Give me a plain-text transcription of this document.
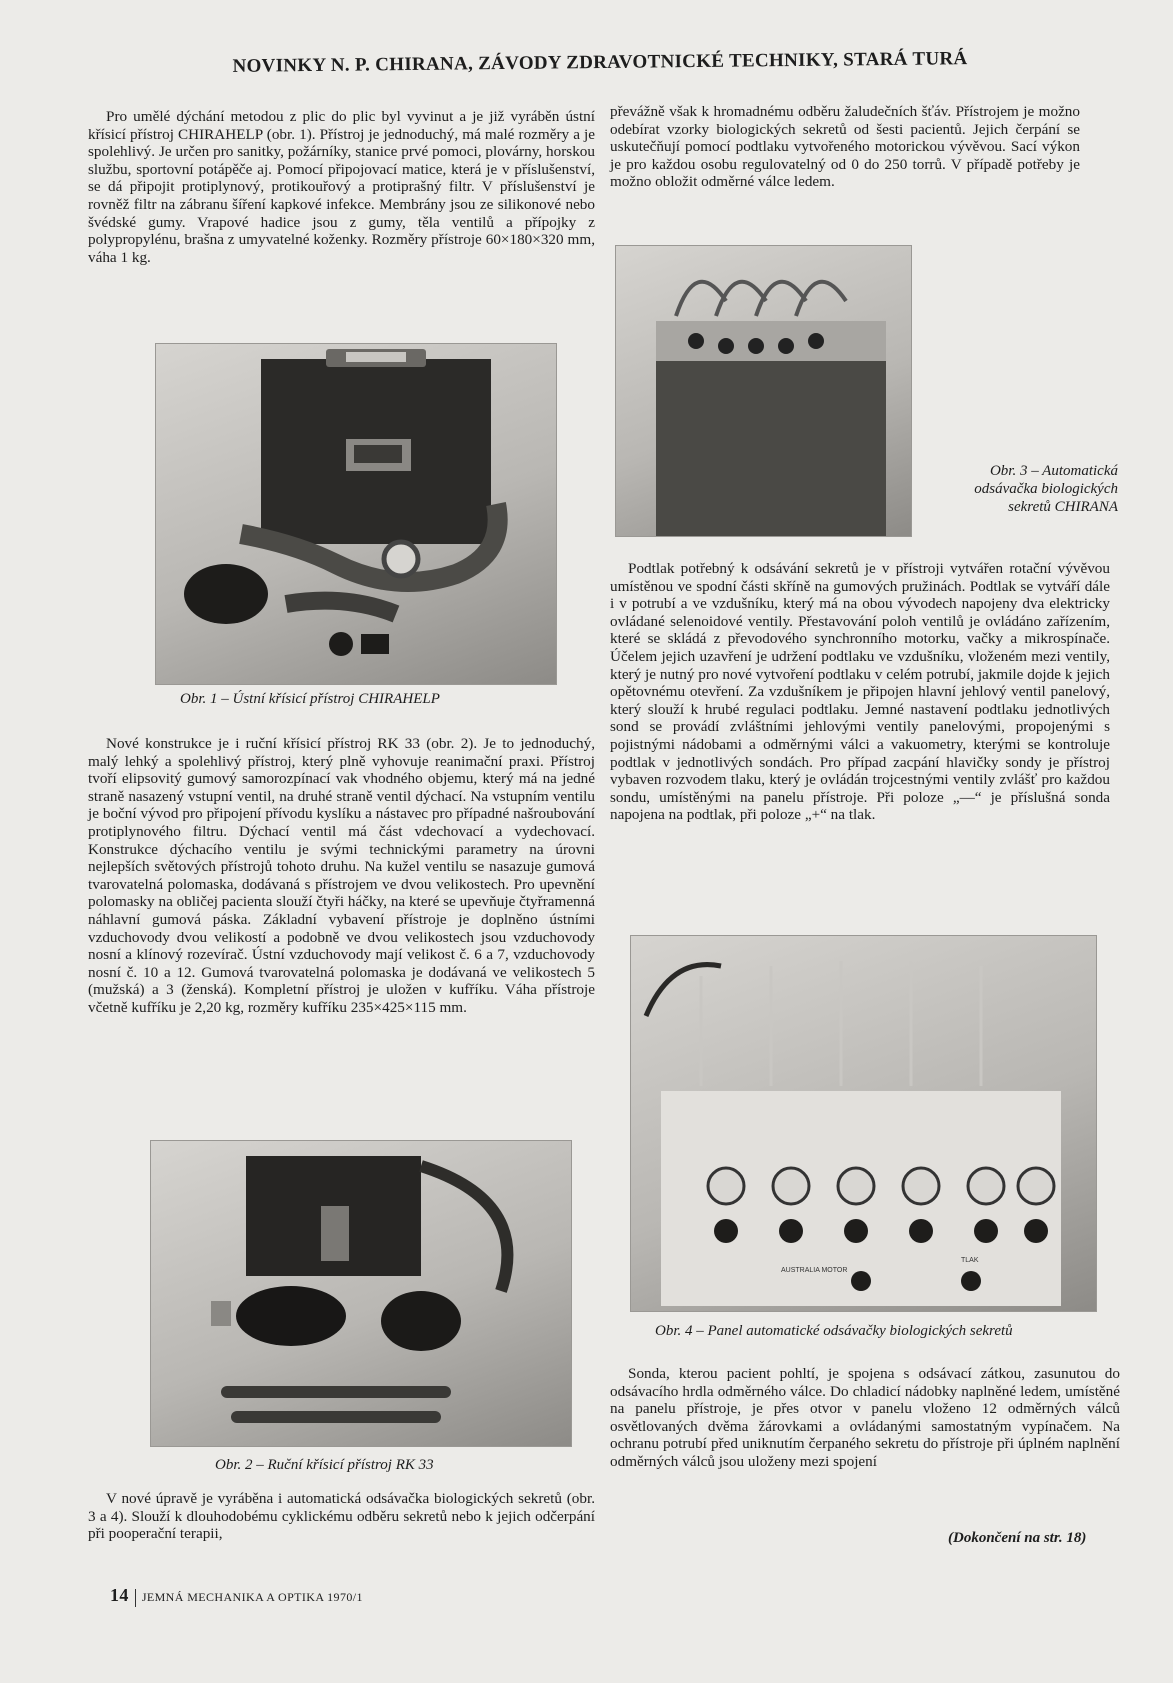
NOVINKY N. P. CHIRANA, ZÁVODY ZDRAVOTNICKÉ TECHNIKY, STARÁ TURÁ

Pro umělé dýchání metodou z plic do plic byl vyvinut a je již vyráběn ústní křísicí přístroj CHIRAHELP (obr. 1). Přístroj je jednoduchý, má malé rozměry a je spolehlivý. Je určen pro sanitky, požárníky, stanice prvé pomoci, plovárny, horskou službu, sportovní potápěče aj. Pomocí připojovací matice, která je v příslušenství, se dá připojit protiplynový, protikouřový a protiprašný filtr. V příslušenství je rovněž filtr na zábranu šíření kapkové infekce. Membrány jsou ze silikonové nebo švédské gumy. Vrapové hadice jsou z gumy, těla ventilů a přípojky z polypropylénu, brašna z umyvatelné koženky. Rozměry přístroje 60×180×320 mm, váha 1 kg.

Obr. 1 – Ústní křísicí přístroj CHIRAHELP

Nové konstrukce je i ruční křísicí přístroj RK 33 (obr. 2). Je to jednoduchý, malý lehký a spolehlivý přístroj, který plně vyhovuje reanimační praxi. Přístroj tvoří elipsovitý gumový samorozpínací vak vhodného objemu, který má na jedné straně nasazený vstupní ventil, na druhé straně ventil dýchací. Na vstupním ventilu je boční vývod pro připojení přívodu kyslíku a nástavec pro případné našroubování protiplynového filtru. Dýchací ventil má část vdechovací a vydechovací. Konstrukce dýchacího ventilu je svými technickými parametry na úrovni nejlepších světových přístrojů tohoto druhu. Na kužel ventilu se nasazuje gumová tvarovatelná polomaska, dodávaná s přístrojem ve dvou velikostech. Pro upevnění polomasky na obličej pacienta slouží čtyři háčky, na které se upevňuje čtyřramenná náhlavní gumová páska. Základní vybavení přístroje je doplněno ústními vzduchovody dvou velikostí a podobně ve dvou velikostech jsou vzduchovody nosní a klínový rozevírač. Ústní vzduchovody mají velikost č. 6 a 7, vzduchovody nosní č. 10 a 12. Gumová tvarovatelná polomaska je dodávaná ve velikostech 5 (mužská) a 3 (ženská). Kompletní přístroj je uložen v kufříku. Váha přístroje včetně kufříku je 2,20 kg, rozměry kufříku 235×425×115 mm.

Obr. 2 – Ruční křísicí přístroj RK 33

V nové úpravě je vyráběna i automatická odsávačka biologických sekretů (obr. 3 a 4). Slouží k dlouhodobému cyklickému odběru sekretů nebo k jejich odčerpání při pooperační terapii,

převážně však k hromadnému odběru žaludečních šťáv. Přístrojem je možno odebírat vzorky biologických sekretů od šesti pacientů. Jejich čerpání se uskutečňují pomocí podtlaku vytvořeného motorickou vývěvou. Sací výkon je pro každou osobu regulovatelný od 0 do 250 torrů. V případě potřeby je možno obložit odměrné válce ledem.

Obr. 3 – Automatická odsávačka biologických sekretů CHIRANA

Podtlak potřebný k odsávání sekretů je v přístroji vytvářen rotační vývěvou umístěnou ve spodní části skříně na gumových pružinách. Podtlak se vytváří dále i v potrubí a ve vzdušníku, který má na obou vývodech napojeny dva elektricky ovládané selenoidové ventily. Přestavování poloh ventilů je ovládáno zařízením, které se skládá z převodového synchronního motorku, vačky a mikrospínače. Účelem jejich uzavření je udržení podtlaku ve vzdušníku, vloženém mezi ventily, který je nutný pro nové vytvoření podtlaku v celém potrubí, jakmile dojde k jejich opětovnému otevření. Za vzdušníkem je připojen hlavní jehlový ventil panelový, který slouží k hrubé regulaci podtlaku. Jemné nastavení podtlaku jednotlivých sond se provádí zvláštními jehlovými ventily panelovými, propojenými s pojistnými nádobami a odměrnými válci a vakuometry, kterými se kontroluje podtlak v jednotlivých sondách. Pro případ zacpání hlavičky sondy je přístroj vybaven rozvodem tlaku, který je ovládán trojcestnými ventily zvlášť pro každou sondu, umístěnými na panelu přístroje. Při poloze „—“ je příslušná sonda napojena na podtlak, při poloze „+“ na tlak.

AUSTRALIA MOTOR
TLAK
Obr. 4 – Panel automatické odsávačky biologických sekretů

Sonda, kterou pacient pohltí, je spojena s odsávací zátkou, zasunutou do odsávacího hrdla odměrného válce. Do chladicí nádobky naplněné ledem, umístěné na panelu přístroje, je přes otvor v panelu vloženo 12 odměrných válců osvětlovaných dvěma žárovkami a ovládanými samostatným vypínačem. Na ochranu potrubí před uniknutím čerpaného sekretu do přístroje při úplném naplnění odměrných válců jsou uloženy mezi spojení

(Dokončení na str. 18)
14 JEMNÁ MECHANIKA A OPTIKA 1970/1
